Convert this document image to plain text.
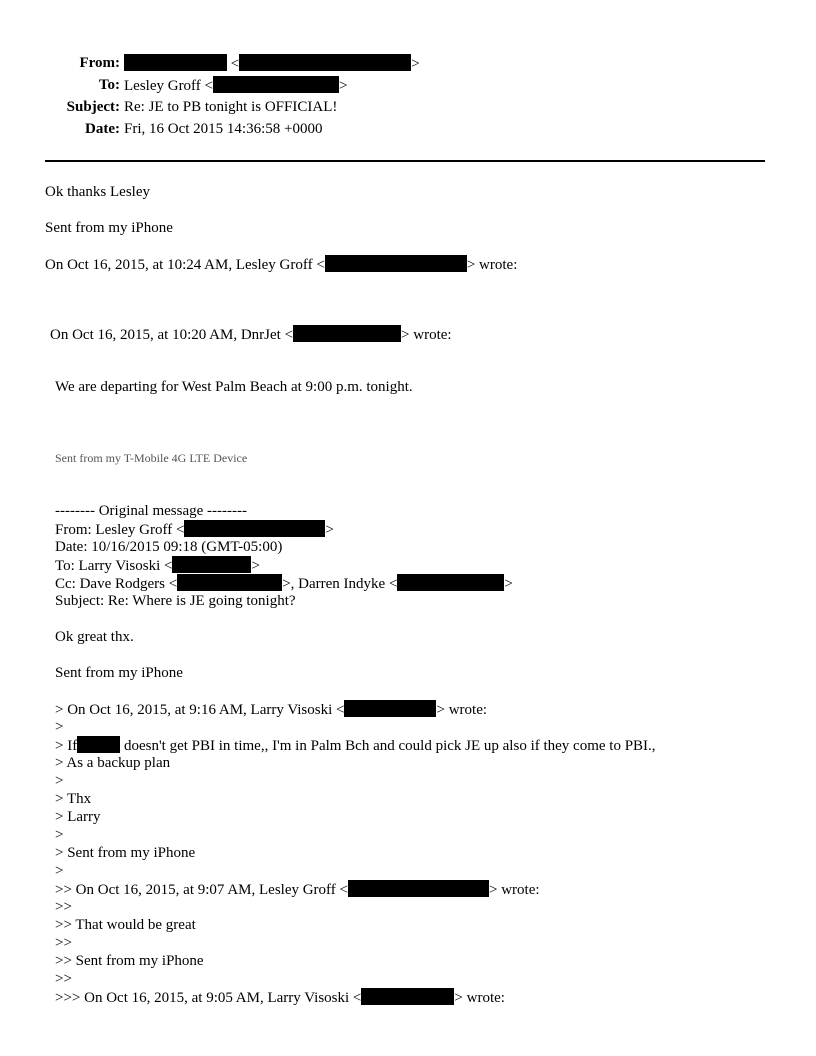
From:	<	>
To: Lesley Groff <	>
Subject: Re: JE to PB tonight is OFFICIAL!
Date: Fri, 16 Oct 2015 14:36:58 +0000
Ok thanks Lesley
Sent from my iPhone
On Oct 16, 2015, at 10:24 AM, Lesley Groff <	> wrote:
On Oct 16, 2015, at 10:20 AM, DnrJet <	> wrote:
We are departing for West Palm Beach at 9:00 p.m. tonight.
Sent from my T-Mobile 4G LTE Device
-------- Original message --------
From: Lesley Groff <	>
Date: 10/16/2015 09:18 (GMT-05:00)
To: Larry Visoski <	>
Cc: Dave Rodgers <	>, Darren Indyke <	>
Subject: Re: Where is JE going tonight?
Ok great thx.
Sent from my iPhone
> On Oct 16, 2015, at 9:16 AM, Larry Visoski <	> wrote:
>
> If	doesn't get PBI in time,, I'm in Palm Bch and could pick JE up also if they come to PBI.,
> As a backup plan
>
> Thx
> Larry
>
> Sent from my iPhone
>
>> On Oct 16, 2015, at 9:07 AM, Lesley Groff <	> wrote:
>>
>> That would be great
>>
>> Sent from my iPhone
>>
>>> On Oct 16, 2015, at 9:05 AM, Larry Visoski <	> wrote:
